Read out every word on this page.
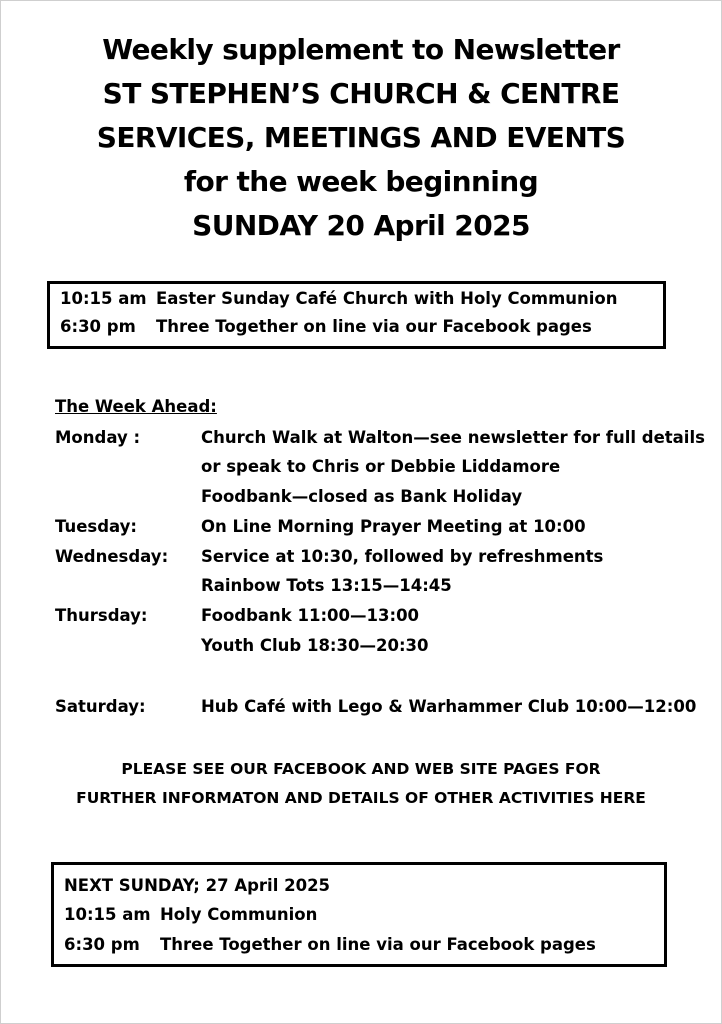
Weekly supplement to Newsletter
ST STEPHEN’S CHURCH & CENTRE
SERVICES, MEETINGS AND EVENTS
for the week beginning
SUNDAY 20 April 2025
10:15 am Easter Sunday Café Church with Holy Communion
6:30 pm Three Together on line via our Facebook pages
The Week Ahead:
Monday :	Church Walk at Walton—see newsletter for full details
or speak to Chris or Debbie Liddamore
Foodbank—closed as Bank Holiday
Tuesday:	On Line Morning Prayer Meeting at 10:00
Wednesday: Service at 10:30, followed by refreshments
Rainbow Tots 13:15—14:45
Thursday:	Foodbank 11:00—13:00
Youth Club 18:30—20:30
Saturday:	Hub Café with Lego & Warhammer Club 10:00—12:00
PLEASE SEE OUR FACEBOOK AND WEB SITE PAGES FOR
FURTHER INFORMATON AND DETAILS OF OTHER ACTIVITIES HERE
NEXT SUNDAY; 27 April 2025
10:15 am Holy Communion
6:30 pm Three Together on line via our Facebook pages
